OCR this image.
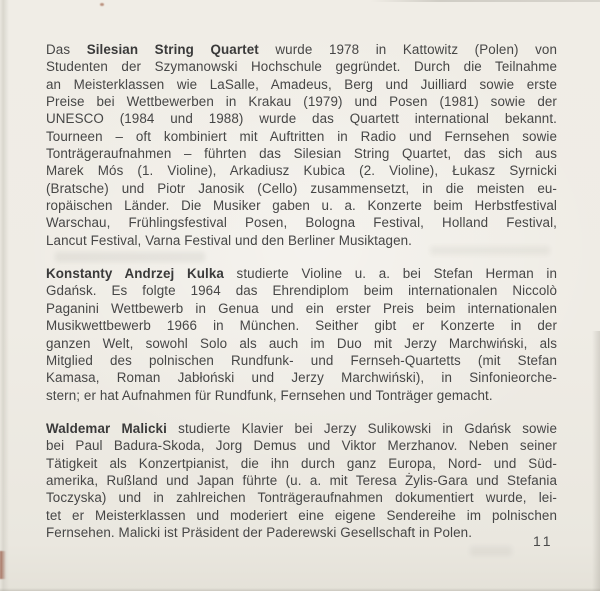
Das Silesian String Quartet wurde 1978 in Kattowitz (Polen) von
Studenten der Szymanowski Hochschule gegründet. Durch die Teilnahme
an Meisterklassen wie LaSalle, Amadeus, Berg und Juilliard sowie erste
Preise bei Wettbewerben in Krakau (1979) und Posen (1981) sowie der
UNESCO (1984 und 1988) wurde das Quartett international bekannt.
Tourneen – oft kombiniert mit Auftritten in Radio und Fernsehen sowie
Tonträgeraufnahmen – führten das Silesian String Quartet, das sich aus
Marek Mós (1. Violine), Arkadiusz Kubica (2. Violine), Łukasz Syrnicki
(Bratsche) und Piotr Janosik (Cello) zusammensetzt, in die meisten eu-
ropäischen Länder. Die Musiker gaben u. a. Konzerte beim Herbstfestival
Warschau, Frühlingsfestival Posen, Bologna Festival, Holland Festival,
Lancut Festival, Varna Festival und den Berliner Musiktagen.
Konstanty Andrzej Kulka studierte Violine u. a. bei Stefan Herman in
Gdańsk. Es folgte 1964 das Ehrendiplom beim internationalen Niccolò
Paganini Wettbewerb in Genua und ein erster Preis beim internationalen
Musikwettbewerb 1966 in München. Seither gibt er Konzerte in der
ganzen Welt, sowohl Solo als auch im Duo mit Jerzy Marchwiński, als
Mitglied des polnischen Rundfunk- und Fernseh-Quartetts (mit Stefan
Kamasa, Roman Jabłoński und Jerzy Marchwiński), in Sinfonieorche-
stern; er hat Aufnahmen für Rundfunk, Fernsehen und Tonträger gemacht.
Waldemar Malicki studierte Klavier bei Jerzy Sulikowski in Gdańsk sowie
bei Paul Badura-Skoda, Jorg Demus und Viktor Merzhanov. Neben seiner
Tätigkeit als Konzertpianist, die ihn durch ganz Europa, Nord- und Süd-
amerika, Rußland und Japan führte (u. a. mit Teresa Żylis-Gara und Stefania
Toczyska) und in zahlreichen Tonträgeraufnahmen dokumentiert wurde, lei-
tet er Meisterklassen und moderiert eine eigene Sendereihe im polnischen
Fernsehen. Malicki ist Präsident der Paderewski Gesellschaft in Polen.
11
